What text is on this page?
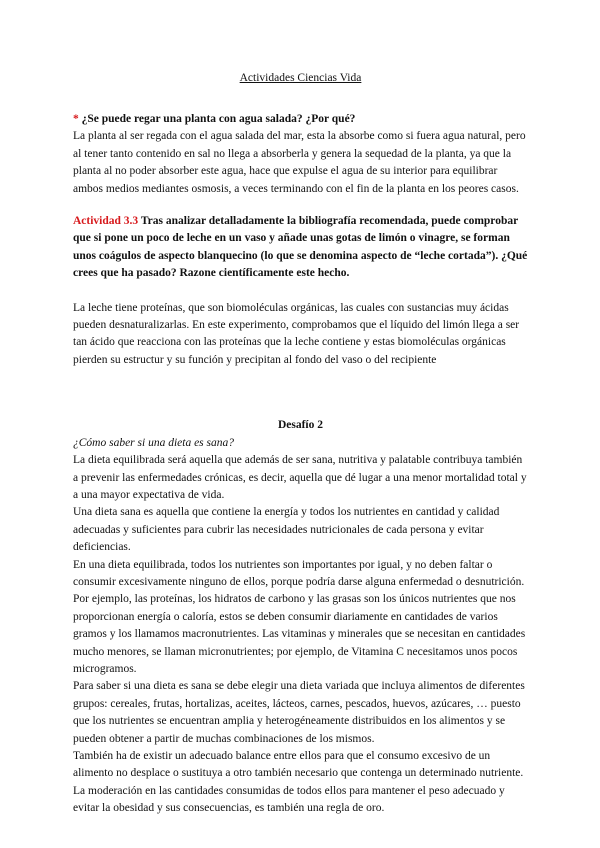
Actividades Ciencias Vida

* ¿Se puede regar una planta con agua salada? ¿Por qué?

La planta al ser regada con el agua salada del mar, esta la absorbe como si fuera agua natural, pero al tener tanto contenido en sal no llega a absorberla y genera la sequedad de la planta, ya que la planta al no poder absorber este agua, hace que expulse el agua de su interior para equilibrar ambos medios mediantes osmosis, a veces terminando con el fin de la planta en los peores casos.

Actividad 3.3 Tras analizar detalladamente la bibliografía recomendada, puede comprobar que si pone un poco de leche en un vaso y añade unas gotas de limón o vinagre, se forman unos coágulos de aspecto blanquecino (lo que se denomina aspecto de “leche cortada”). ¿Qué crees que ha pasado? Razone científicamente este hecho.

La leche tiene proteínas, que son biomoléculas orgánicas, las cuales con sustancias muy ácidas pueden desnaturalizarlas. En este experimento, comprobamos que el líquido del limón llega a ser tan ácido que reacciona con las proteínas que la leche contiene y estas biomoléculas orgánicas pierden su estructur y su función y precipitan al fondo del vaso o del recipiente

Desafío 2

¿Cómo saber si una dieta es sana?

La dieta equilibrada será aquella que además de ser sana, nutritiva y palatable contribuya también a prevenir las enfermedades crónicas, es decir, aquella que dé lugar a una menor mortalidad total y a una mayor expectativa de vida.

Una dieta sana es aquella que contiene la energía y todos los nutrientes en cantidad y calidad adecuadas y suficientes para cubrir las necesidades nutricionales de cada persona y evitar deficiencias.

En una dieta equilibrada, todos los nutrientes son importantes por igual, y no deben faltar o consumir excesivamente ninguno de ellos, porque podría darse alguna enfermedad o desnutrición. Por ejemplo, las proteínas, los hidratos de carbono y las grasas son los únicos nutrientes que nos proporcionan energía o caloría, estos se deben consumir diariamente en cantidades de varios gramos y los llamamos macronutrientes. Las vitaminas y minerales que se necesitan en cantidades mucho menores, se llaman micronutrientes; por ejemplo, de Vitamina C necesitamos unos pocos microgramos.

Para saber si una dieta es sana se debe elegir una dieta variada que incluya alimentos de diferentes grupos: cereales, frutas, hortalizas, aceites, lácteos, carnes, pescados, huevos, azúcares, … puesto que los nutrientes se encuentran amplia y heterogéneamente distribuidos en los alimentos y se pueden obtener a partir de muchas combinaciones de los mismos.

También ha de existir un adecuado balance entre ellos para que el consumo excesivo de un alimento no desplace o sustituya a otro también necesario que contenga un determinado nutriente. La moderación en las cantidades consumidas de todos ellos para mantener el peso adecuado y evitar la obesidad y sus consecuencias, es también una regla de oro.
